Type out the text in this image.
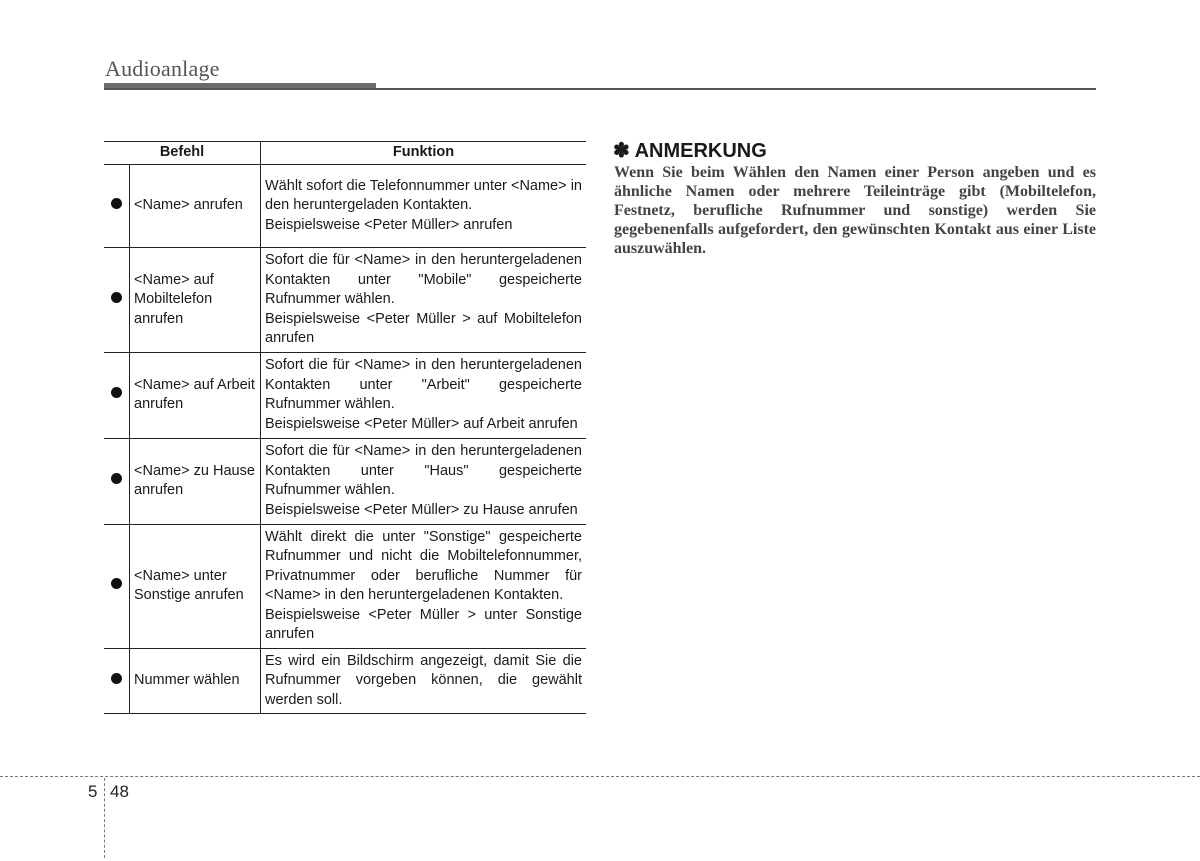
Audioanlage
Befehl		Funktion
	<Name> anrufen	Wählt sofort die Telefonnummer unter <Name> in den heruntergeladen Kontakten.
Beispielsweise <Peter Müller> anrufen

	<Name> auf Mobiltelefon anrufen	Sofort die für <Name> in den heruntergeladenen Kontakten unter "Mobile" gespeicherte Rufnummer wählen.
Beispielsweise <Peter Müller > auf Mobiltelefon anrufen

	<Name> auf Arbeit anrufen	Sofort die für <Name> in den heruntergeladenen Kontakten unter "Arbeit" gespeicherte Rufnummer wählen.
Beispielsweise <Peter Müller> auf Arbeit anrufen

	<Name> zu Hause anrufen	Sofort die für <Name> in den heruntergeladenen Kontakten unter "Haus" gespeicherte Rufnummer wählen.
Beispielsweise <Peter Müller> zu Hause anrufen

	<Name> unter Sonstige anrufen	Wählt direkt die unter "Sonstige" gespeicherte Rufnummer und nicht die Mobiltelefonnummer, Privatnummer oder berufliche Nummer für <Name> in den heruntergeladenen Kontakten.
Beispielsweise <Peter Müller > unter Sonstige anrufen

	Nummer wählen	Es wird ein Bildschirm angezeigt, damit Sie die Rufnummer vorgeben können, die gewählt werden soll.
✽ ANMERKUNG
Wenn Sie beim Wählen den Namen einer Person angeben und es ähnliche Namen oder mehrere Teileinträge gibt (Mobiltelefon, Festnetz, berufliche Rufnummer und sonstige) werden Sie gegebenenfalls aufgefordert, den gewünschten Kontakt aus einer Liste auszuwählen.
5 48
